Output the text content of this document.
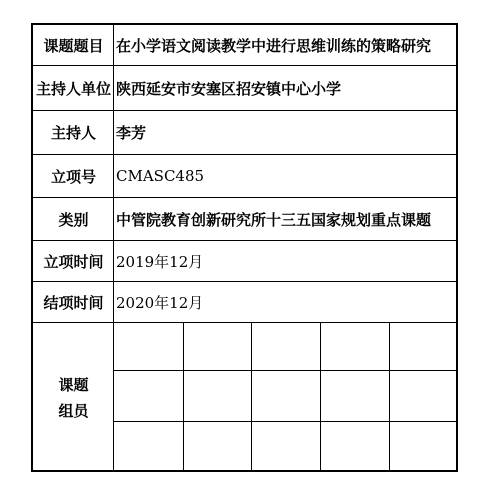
课题题目 在小学语文阅读教学中进行思维训练的策略研究
主持人单位 陕西延安市安塞区招安镇中心小学
主持人	李芳
立项号	CMASC485
类别	中管院教育创新研究所十三五国家规划重点课题
立项时间 2019年12月
结项时间 2020年12月
课题
组员
